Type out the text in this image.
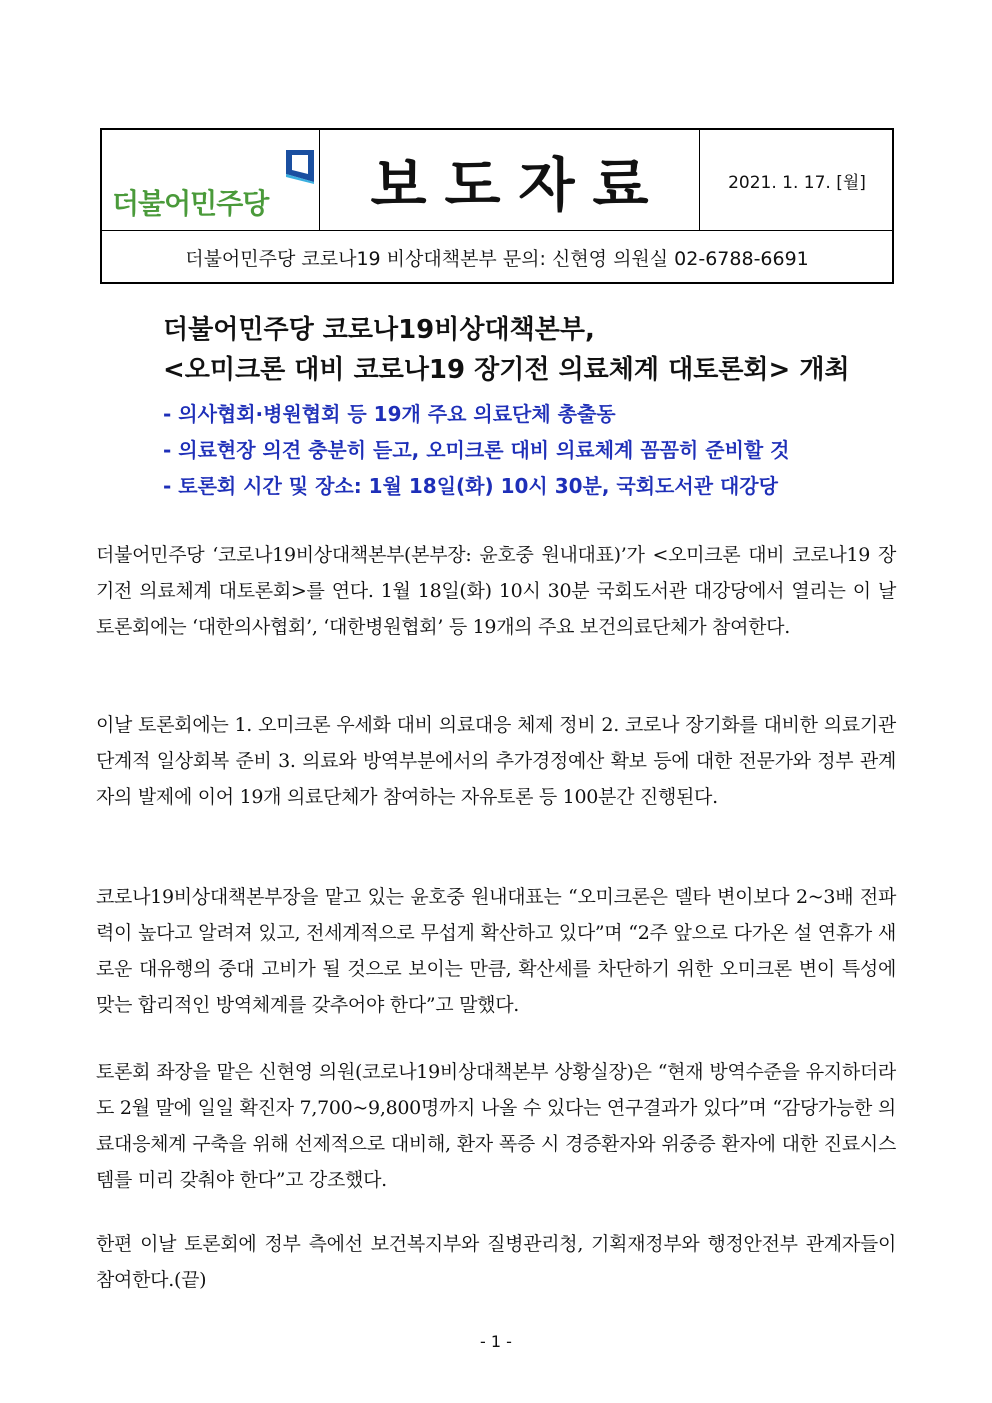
더불어민주당	보도자료	2021. 1. 17. [월]
더불어민주당 코로나19 비상대책본부 문의: 신현영 의원실 02-6788-6691
더불어민주당 코로나19비상대책본부,
<오미크론 대비 코로나19 장기전 의료체계 대토론회> 개최
- 의사협회·병원협회 등 19개 주요 의료단체 총출동
- 의료현장 의견 충분히 듣고, 오미크론 대비 의료체계 꼼꼼히 준비할 것
- 토론회 시간 및 장소: 1월 18일(화) 10시 30분, 국회도서관 대강당

더불어민주당 ‘코로나19비상대책본부(본부장: 윤호중 원내대표)’가 <오미크론 대비 코로나19 장기전 의료체계 대토론회>를 연다. 1월 18일(화) 10시 30분 국회도서관 대강당에서 열리는 이 날 토론회에는 ‘대한의사협회’, ‘대한병원협회’ 등 19개의 주요 보건의료단체가 참여한다.

이날 토론회에는 1. 오미크론 우세화 대비 의료대응 체제 정비 2. 코로나 장기화를 대비한 의료기관 단계적 일상회복 준비 3. 의료와 방역부분에서의 추가경정예산 확보 등에 대한 전문가와 정부 관계자의 발제에 이어 19개 의료단체가 참여하는 자유토론 등 100분간 진행된다.

코로나19비상대책본부장을 맡고 있는 윤호중 원내대표는 “오미크론은 델타 변이보다 2~3배 전파력이 높다고 알려져 있고, 전세계적으로 무섭게 확산하고 있다”며 “2주 앞으로 다가온 설 연휴가 새로운 대유행의 중대 고비가 될 것으로 보이는 만큼, 확산세를 차단하기 위한 오미크론 변이 특성에 맞는 합리적인 방역체계를 갖추어야 한다”고 말했다.

토론회 좌장을 맡은 신현영 의원(코로나19비상대책본부 상황실장)은 “현재 방역수준을 유지하더라도 2월 말에 일일 확진자 7,700~9,800명까지 나올 수 있다는 연구결과가 있다”며 “감당가능한 의료대응체계 구축을 위해 선제적으로 대비해, 환자 폭증 시 경증환자와 위중증 환자에 대한 진료시스템를 미리 갖춰야 한다”고 강조했다.

한편 이날 토론회에 정부 측에선 보건복지부와 질병관리청, 기획재정부와 행정안전부 관계자들이 참여한다.(끝)

- 1 -
